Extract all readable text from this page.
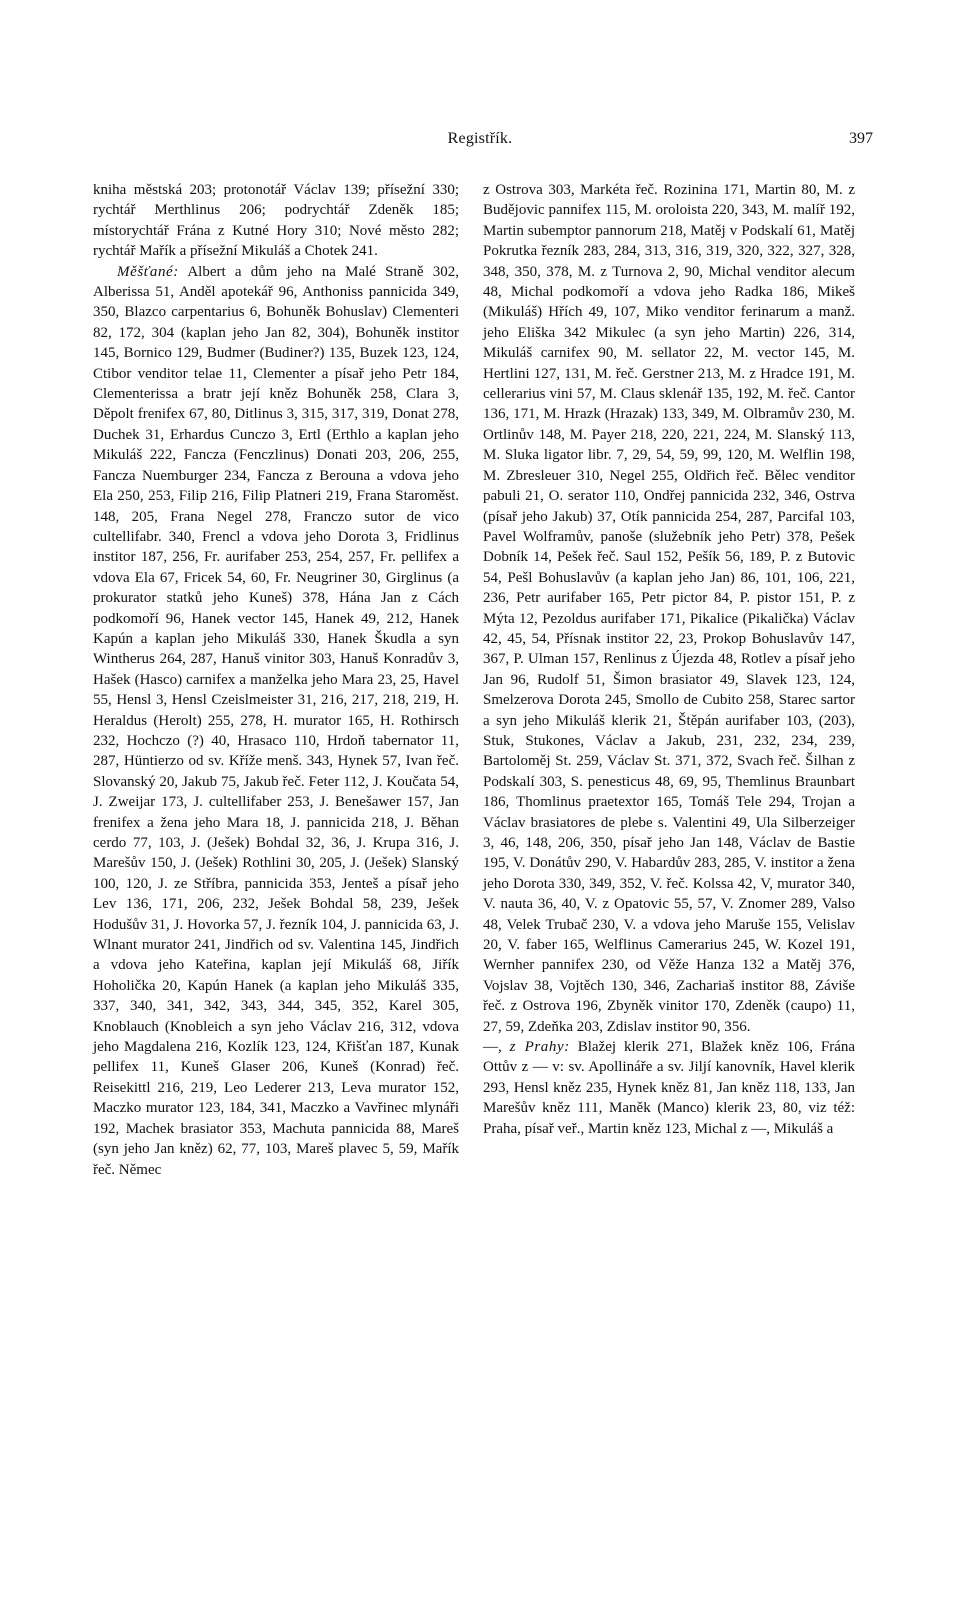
Registřík.	397

kniha městská 203; protonotář Václav 139; přísežní 330; rychtář Merthlinus 206; podrychtář Zdeněk 185; místorychtář Frána z Kutné Hory 310; Nové město 282; rychtář Mařík a přísežní Mikuláš a Chotek 241.

Měšťané: Albert a dům jeho na Malé Straně 302, Alberissa 51, Anděl apotekář 96, Anthoniss pannicida 349, 350, Blazco carpentarius 6, Bohuněk Bohuslav) Clementeri 82, 172, 304 (kaplan jeho Jan 82, 304), Bohuněk institor 145, Bornico 129, Budmer (Budiner?) 135, Buzek 123, 124, Ctibor venditor telae 11, Clementer a písař jeho Petr 184, Clementerissa a bratr její kněz Bohuněk 258, Clara 3, Děpolt frenifex 67, 80, Ditlinus 3, 315, 317, 319, Donat 278, Duchek 31, Erhardus Cunczo 3, Ertl (Erthlo a kaplan jeho Mikuláš 222, Fancza (Fenczlinus) Donati 203, 206, 255, Fancza Nuemburger 234, Fancza z Berouna a vdova jeho Ela 250, 253, Filip 216, Filip Platneri 219, Frana Staroměst. 148, 205, Frana Negel 278, Franczo sutor de vico cultellifabr. 340, Frencl a vdova jeho Dorota 3, Fridlinus institor 187, 256, Fr. aurifaber 253, 254, 257, Fr. pellifex a vdova Ela 67, Fricek 54, 60, Fr. Neugriner 30, Girglinus (a prokurator statků jeho Kuneš) 378, Hána Jan z Cách podkomoří 96, Hanek vector 145, Hanek 49, 212, Hanek Kapún a kaplan jeho Mikuláš 330, Hanek Škudla a syn Wintherus 264, 287, Hanuš vinitor 303, Hanuš Konradův 3, Hašek (Hasco) carnifex a manželka jeho Mara 23, 25, Havel 55, Hensl 3, Hensl Czeislmeister 31, 216, 217, 218, 219, H. Heraldus (Herolt) 255, 278, H. murator 165, H. Rothirsch 232, Hochczo (?) 40, Hrasaco 110, Hrdoň tabernator 11, 287, Hüntierzo od sv. Kříže menš. 343, Hynek 57, Ivan řeč. Slovanský 20, Jakub 75, Jakub řeč. Feter 112, J. Koučata 54, J. Zweijar 173, J. cultellifaber 253, J. Benešawer 157, Jan frenifex a žena jeho Mara 18, J. pannicida 218, J. Běhan cerdo 77, 103, J. (Ješek) Bohdal 32, 36, J. Krupa 316, J. Marešův 150, J. (Ješek) Rothlini 30, 205, J. (Ješek) Slanský 100, 120, J. ze Stříbra, pannicida 353, Jenteš a písař jeho Lev 136, 171, 206, 232, Ješek Bohdal 58, 239, Ješek Hodušův 31, J. Hovorka 57, J. řezník 104, J. pannicida 63, J. Wlnant murator 241, Jindřich od sv. Valentina 145, Jindřich a vdova jeho Kateřina, kaplan její Mikuláš 68, Jiřík Hoholička 20, Kapún Hanek (a kaplan jeho Mikuláš 335, 337, 340, 341, 342, 343, 344, 345, 352, Karel 305, Knoblauch (Knobleich a syn jeho Václav 216, 312, vdova jeho Magdalena 216, Kozlík 123, 124, Křišťan 187, Kunak pellifex 11, Kuneš Glaser 206, Kuneš (Konrad) řeč. Reisekittl 216, 219, Leo Lederer 213, Leva murator 152, Maczko murator 123, 184, 341, Maczko a Vavřinec mlynáři 192, Machek brasiator 353, Machuta pannicida 88, Mareš (syn jeho Jan kněz) 62, 77, 103, Mareš plavec 5, 59, Mařík řeč. Němec

z Ostrova 303, Markéta řeč. Rozinina 171, Martin 80, M. z Budějovic pannifex 115, M. oroloista 220, 343, M. malíř 192, Martin subemptor pannorum 218, Matěj v Podskalí 61, Matěj Pokrutka řezník 283, 284, 313, 316, 319, 320, 322, 327, 328, 348, 350, 378, M. z Turnova 2, 90, Michal venditor alecum 48, Michal podkomoří a vdova jeho Radka 186, Mikeš (Mikuláš) Hřích 49, 107, Miko venditor ferinarum a manž. jeho Eliška 342 Mikulec (a syn jeho Martin) 226, 314, Mikuláš carnifex 90, M. sellator 22, M. vector 145, M. Hertlini 127, 131, M. řeč. Gerstner 213, M. z Hradce 191, M. cellerarius vini 57, M. Claus sklenář 135, 192, M. řeč. Cantor 136, 171, M. Hrazk (Hrazak) 133, 349, M. Olbramův 230, M. Ortlinův 148, M. Payer 218, 220, 221, 224, M. Slanský 113, M. Sluka ligator libr. 7, 29, 54, 59, 99, 120, M. Welflin 198, M. Zbresleuer 310, Negel 255, Oldřich řeč. Bělec venditor pabuli 21, O. serator 110, Ondřej pannicida 232, 346, Ostrva (písař jeho Jakub) 37, Otík pannicida 254, 287, Parcifal 103, Pavel Wolframův, panoše (služebník jeho Petr) 378, Pešek Dobník 14, Pešek řeč. Saul 152, Pešík 56, 189, P. z Butovic 54, Pešl Bohuslavův (a kaplan jeho Jan) 86, 101, 106, 221, 236, Petr aurifaber 165, Petr pictor 84, P. pistor 151, P. z Mýta 12, Pezoldus aurifaber 171, Pikalice (Pikalička) Václav 42, 45, 54, Přísnak institor 22, 23, Prokop Bohuslavův 147, 367, P. Ulman 157, Renlinus z Újezda 48, Rotlev a písař jeho Jan 96, Rudolf 51, Šimon brasiator 49, Slavek 123, 124, Smelzerova Dorota 245, Smollo de Cubito 258, Starec sartor a syn jeho Mikuláš klerik 21, Štěpán aurifaber 103, (203), Stuk, Stukones, Václav a Jakub, 231, 232, 234, 239, Bartoloměj St. 259, Václav St. 371, 372, Svach řeč. Šilhan z Podskalí 303, S. penesticus 48, 69, 95, Themlinus Braunbart 186, Thomlinus praetextor 165, Tomáš Tele 294, Trojan a Václav brasiatores de plebe s. Valentini 49, Ula Silberzeiger 3, 46, 148, 206, 350, písař jeho Jan 148, Václav de Bastie 195, V. Donátův 290, V. Habardův 283, 285, V. institor a žena jeho Dorota 330, 349, 352, V. řeč. Kolssa 42, V, murator 340, V. nauta 36, 40, V. z Opatovic 55, 57, V. Znomer 289, Valso 48, Velek Trubač 230, V. a vdova jeho Maruše 155, Velislav 20, V. faber 165, Welflinus Camerarius 245, W. Kozel 191, Wernher pannifex 230, od Věže Hanza 132 a Matěj 376, Vojslav 38, Vojtěch 130, 346, Zachariaš institor 88, Záviše řeč. z Ostrova 196, Zbyněk vinitor 170, Zdeněk (caupo) 11, 27, 59, Zdeňka 203, Zdislav institor 90, 356.

—, z Prahy: Blažej klerik 271, Blažek kněz 106, Frána Ottův z — v: sv. Apollináře a sv. Jiljí kanovník, Havel klerik 293, Hensl kněz 235, Hynek kněz 81, Jan kněz 118, 133, Jan Marešův kněz 111, Maněk (Manco) klerik 23, 80, viz též: Praha, písař veř., Martin kněz 123, Michal z —, Mikuláš a
